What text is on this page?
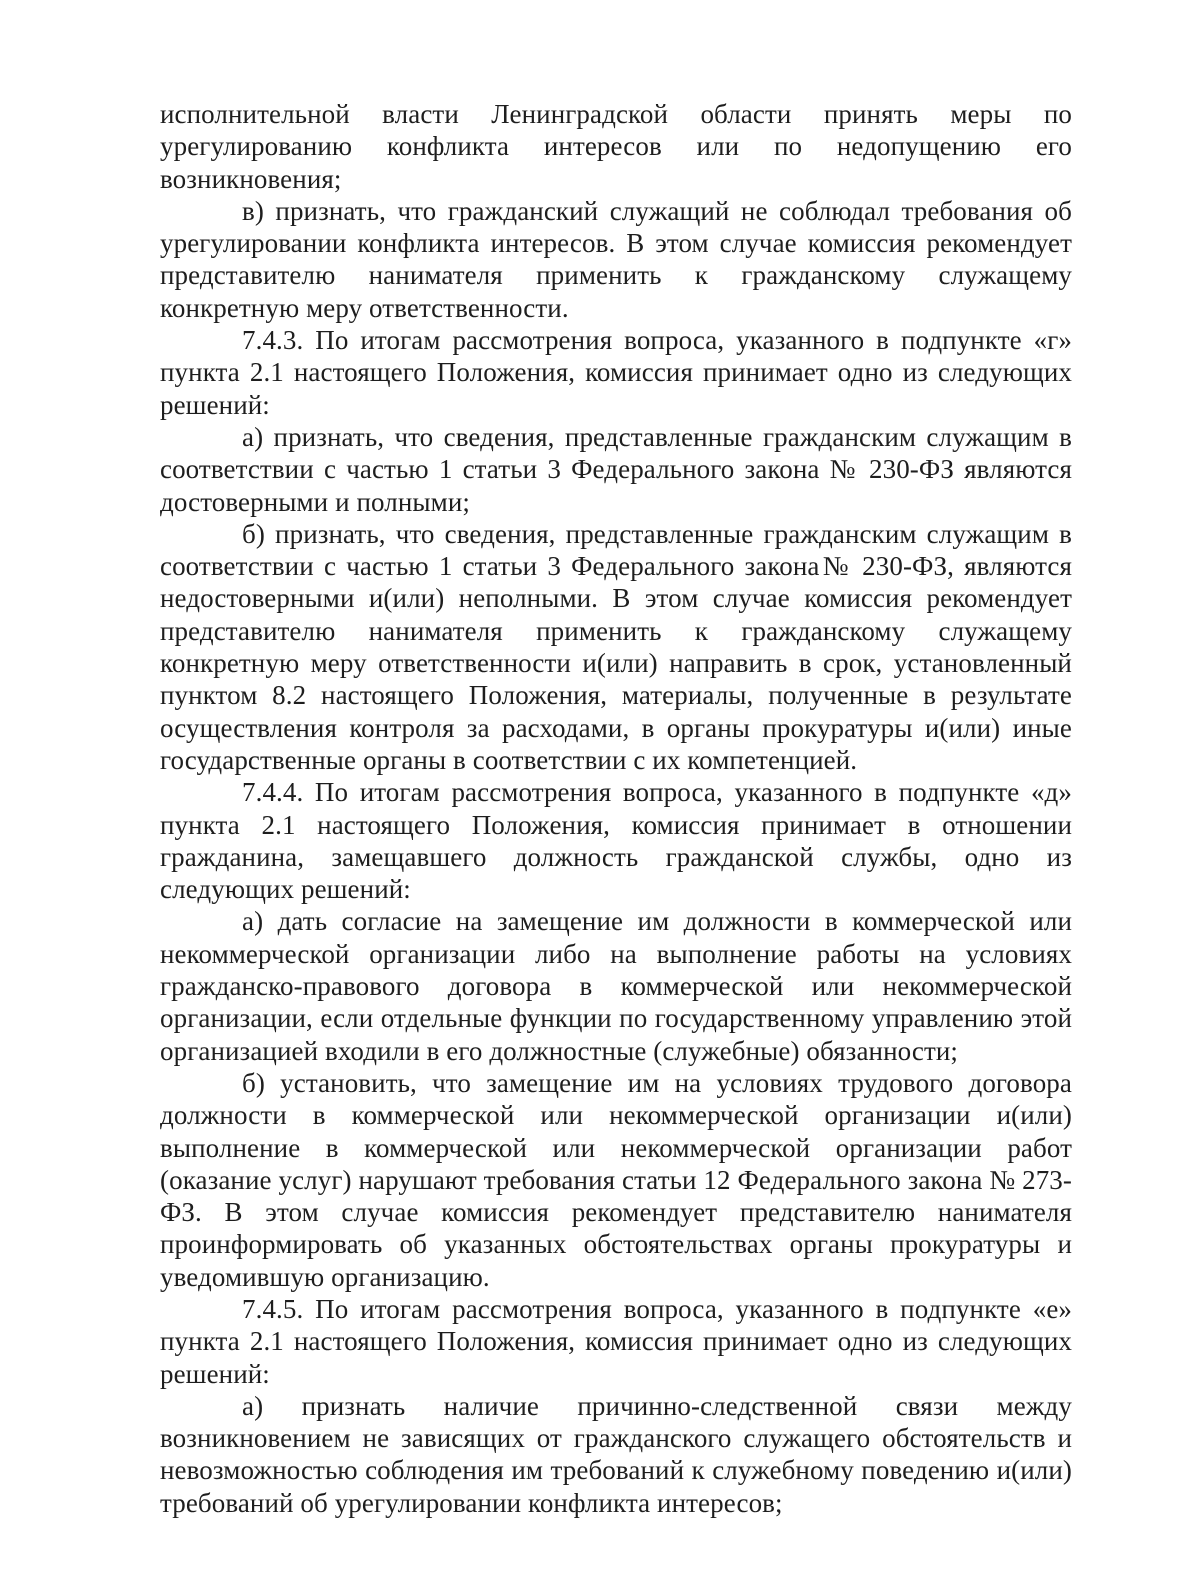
исполнительной власти Ленинградской области принять меры по урегулированию конфликта интересов или по недопущению его возникновения;

в) признать, что гражданский служащий не соблюдал требования об урегулировании конфликта интересов. В этом случае комиссия рекомендует представителю нанимателя применить к гражданскому служащему конкретную меру ответственности.

7.4.3. По итогам рассмотрения вопроса, указанного в подпункте «г» пункта 2.1 настоящего Положения, комиссия принимает одно из следующих решений:

а) признать, что сведения, представленные гражданским служащим в соответствии с частью 1 статьи 3 Федерального закона № 230-ФЗ являются достоверными и полными;

б) признать, что сведения, представленные гражданским служащим в соответствии с частью 1 статьи 3 Федерального закона№ 230-ФЗ, являются недостоверными и(или) неполными. В этом случае комиссия рекомендует представителю нанимателя применить к гражданскому служащему конкретную меру ответственности и(или) направить в срок, установленный пунктом 8.2 настоящего Положения, материалы, полученные в результате осуществления контроля за расходами, в органы прокуратуры и(или) иные государственные органы в соответствии с их компетенцией.

7.4.4. По итогам рассмотрения вопроса, указанного в подпункте «д» пункта 2.1 настоящего Положения, комиссия принимает в отношении гражданина, замещавшего должность гражданской службы, одно из следующих решений:

а) дать согласие на замещение им должности в коммерческой или некоммерческой организации либо на выполнение работы на условиях гражданско-правового договора в коммерческой или некоммерческой организации, если отдельные функции по государственному управлению этой организацией входили в его должностные (служебные) обязанности;

б) установить, что замещение им на условиях трудового договора должности в коммерческой или некоммерческой организации и(или) выполнение в коммерческой или некоммерческой организации работ (оказание услуг) нарушают требования статьи 12 Федерального закона № 273-ФЗ. В этом случае комиссия рекомендует представителю нанимателя проинформировать об указанных обстоятельствах органы прокуратуры и уведомившую организацию.

7.4.5. По итогам рассмотрения вопроса, указанного в подпункте «е» пункта 2.1 настоящего Положения, комиссия принимает одно из следующих решений:

а) признать наличие причинно-следственной связи между возникновением не зависящих от гражданского служащего обстоятельств и невозможностью соблюдения им требований к служебному поведению и(или) требований об урегулировании конфликта интересов;
